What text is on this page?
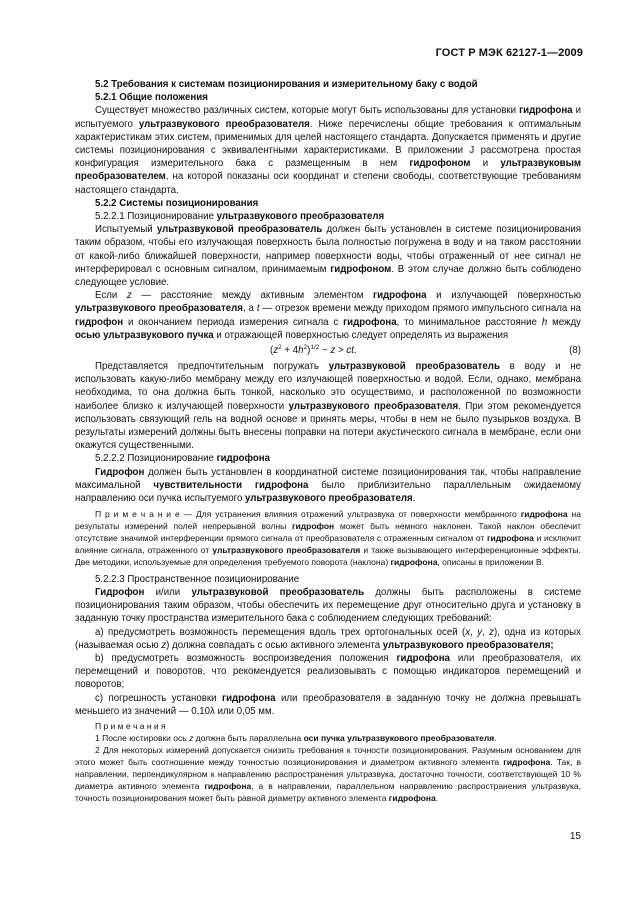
ГОСТ Р МЭК 62127-1—2009

5.2 Требования к системам позиционирования и измерительному баку с водой

5.2.1 Общие положения

Существует множество различных систем, которые могут быть использованы для установки гидрофона и испытуемого ультразвукового преобразователя. Ниже перечислены общие требования к оптимальным характеристикам этих систем, применимых для целей настоящего стандарта. Допускается применять и другие системы позиционирования с эквивалентными характеристиками. В приложении J рассмотрена простая конфигурация измерительного бака с размещенным в нем гидрофоном и ультразвуковым преобразователем, на которой показаны оси координат и степени свободы, соответствующие требованиям настоящего стандарта.

5.2.2 Системы позиционирования

5.2.2.1 Позиционирование ультразвукового преобразователя

Испытуемый ультразвуковой преобразователь должен быть установлен в системе позиционирования таким образом, чтобы его излучающая поверхность была полностью погружена в воду и на таком расстоянии от какой-либо ближайшей поверхности, например поверхности воды, чтобы отраженный от нее сигнал не интерферировал с основным сигналом, принимаемым гидрофоном. В этом случае должно быть соблюдено следующее условие.

Если z — расстояние между активным элементом гидрофона и излучающей поверхностью ультразвукового преобразователя, а t — отрезок времени между приходом прямого импульсного сигнала на гидрофон и окончанием периода измерения сигнала с гидрофона, то минимальное расстояние h между осью ультразвукового пучка и отражающей поверхностью следует определять из выражения

$(z^2 + 4h^2)^{1/2} - z$ > ct.	(8)

Представляется предпочтительным погружать ультразвуковой преобразователь в воду и не использовать какую-либо мембрану между его излучающей поверхностью и водой. Если, однако, мембрана необходима, то она должна быть тонкой, насколько это осуществимо, и расположенной по возможности наиболее близко к излучающей поверхности ультразвукового преобразователя. При этом рекомендуется использовать связующий гель на водной основе и принять меры, чтобы в нем не было пузырьков воздуха. В результаты измерений должны быть внесены поправки на потери акустического сигнала в мембране, если они окажутся существенными.

5.2.2.2 Позиционирование гидрофона

Гидрофон должен быть установлен в координатной системе позиционирования так, чтобы направление максимальной чувствительности гидрофона было приблизительно параллельным ожидаемому направлению оси пучка испытуемого ультразвукового преобразователя.

П р и м е ч а н и е — Для устранения влияния отражений ультразвука от поверхности мембранного гидрофона на результаты измерений полей непрерывной волны гидрофон может быть немного наклонен. Такой наклон обеспечит отсутствие значимой интерференции прямого сигнала от преобразователя с отраженным сигналом от гидрофона и исключит влияние сигнала, отраженного от ультразвукового преобразователя и также вызывающего интерференционные эффекты. Две методики, используемые для определения требуемого поворота (наклона) гидрофона, описаны в приложении В.

5.2.2.3 Пространственное позиционирование

Гидрофон и/или ультразвуковой преобразователь должны быть расположены в системе позиционирования таким образом, чтобы обеспечить их перемещение друг относительно друга и установку в заданную точку пространства измерительного бака с соблюдением следующих требований:

а) предусмотреть возможность перемещения вдоль трех ортогональных осей (x, y, z), одна из которых (называемая осью z) должна совпадать с осью активного элемента ультразвукового преобразователя;

b) предусмотреть возможность воспроизведения положения гидрофона или преобразователя, их перемещений и поворотов, что рекомендуется реализовывать с помощью индикаторов перемещений и поворотов;

с) погрешность установки гидрофона или преобразователя в заданную точку не должна превышать меньшего из значений — 0,10λ или 0,05 мм.

П р и м е ч а н и я

1 После юстировки ось z должна быть параллельна оси пучка ультразвукового преобразователя.

2 Для некоторых измерений допускается снизить требования к точности позиционирования. Разумным основанием для этого может быть соотношение между точностью позиционирования и диаметром активного элемента гидрофона. Так, в направлении, перпендикулярном к направлению распространения ультразвука, достаточно точности, соответствующей 10 % диаметра активного элемента гидрофона, а в направлении, параллельном направлению распространения ультразвука, точность позиционирования может быть равной диаметру активного элемента гидрофона.

15
